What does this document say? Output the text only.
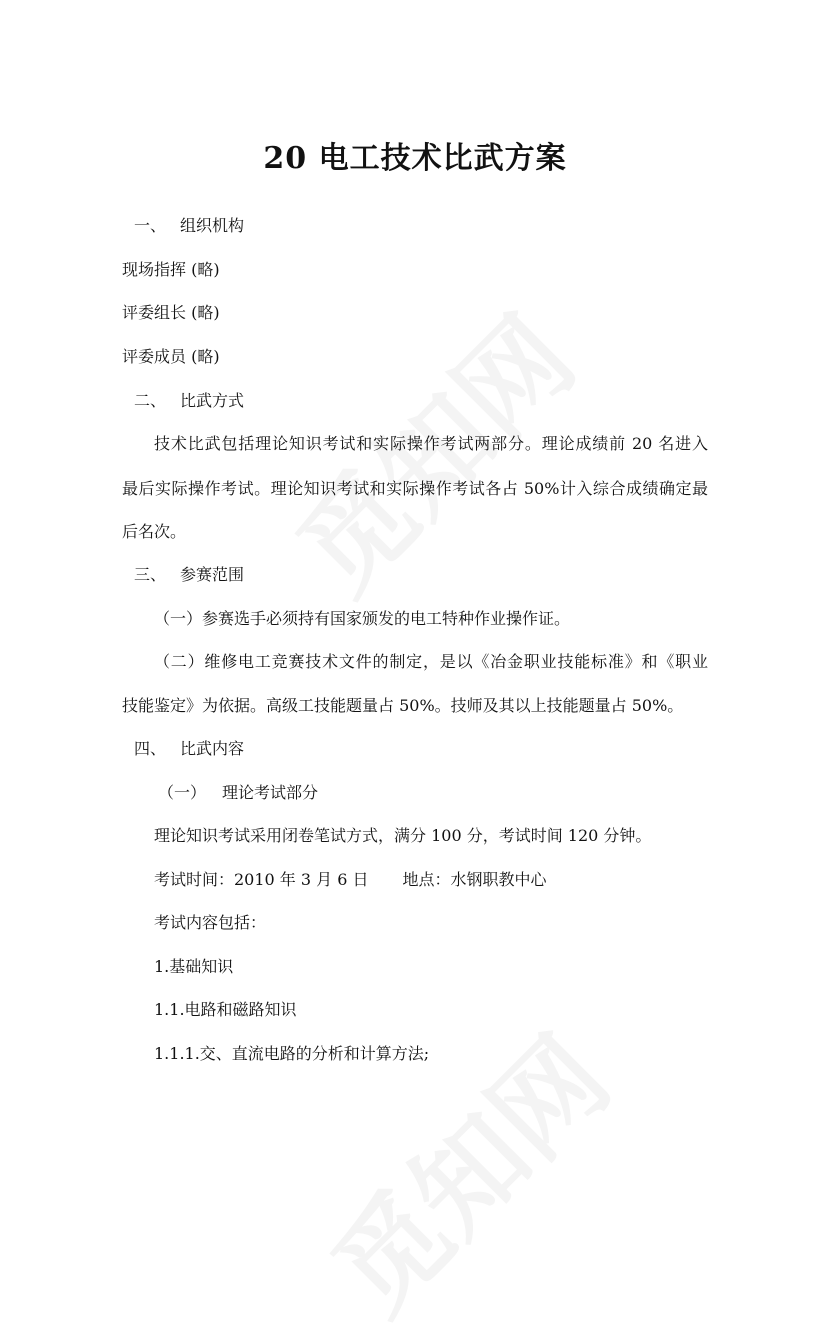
20 电工技术比武方案

一、 组织机构

现场指挥 (略)

评委组长 (略)

评委成员 (略)

二、 比武方式

技术比武包括理论知识考试和实际操作考试两部分。理论成绩前 20 名进入

最后实际操作考试。理论知识考试和实际操作考试各占 50%计入综合成绩确定最

后名次。

三、 参赛范围

（一）参赛选手必须持有国家颁发的电工特种作业操作证。

（二）维修电工竞赛技术文件的制定，是以《冶金职业技能标准》和《职业

技能鉴定》为依据。高级工技能题量占 50%。技师及其以上技能题量占 50%。

四、 比武内容

（一） 理论考试部分

理论知识考试采用闭卷笔试方式，满分 100 分，考试时间 120 分钟。

考试时间：2010 年 3 月 6 日 地点：水钢职教中心

考试内容包括：

1.基础知识

1.1.电路和磁路知识

1.1.1.交、直流电路的分析和计算方法;
